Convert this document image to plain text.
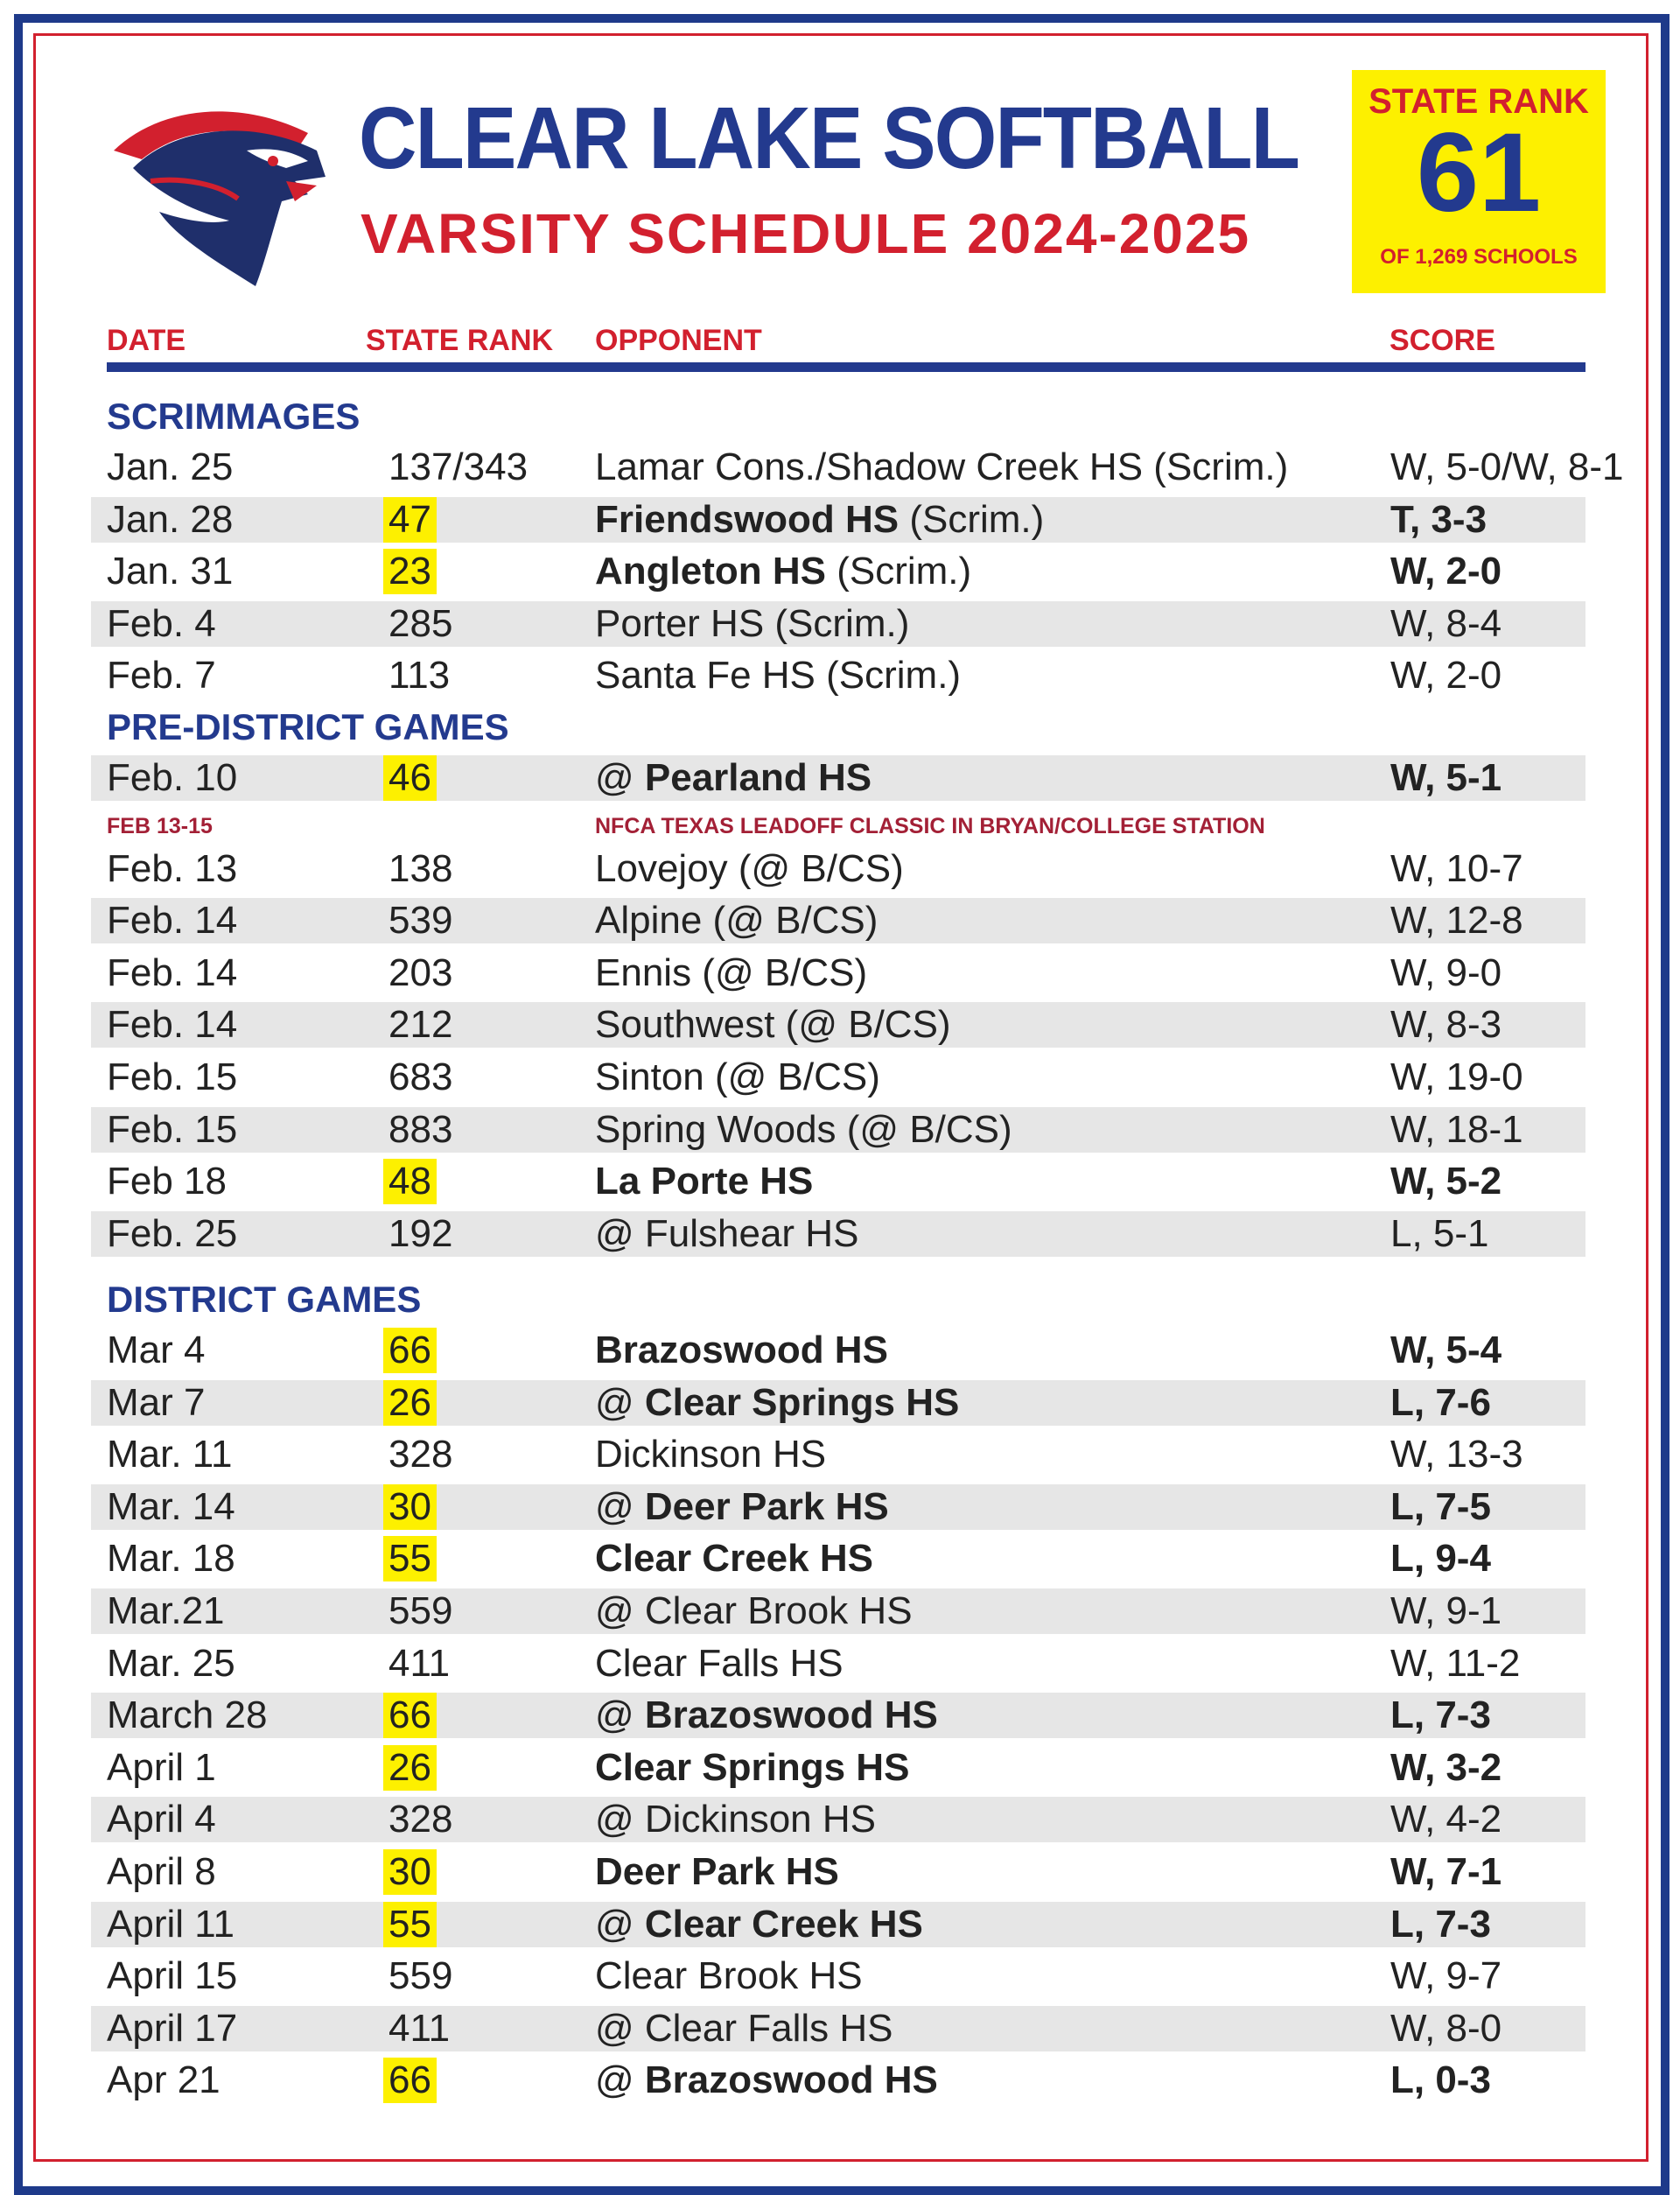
CLEAR LAKE SOFTBALL
VARSITY SCHEDULE 2024-2025
STATE RANK
61
OF 1,269 SCHOOLS
DATE	STATE RANK OPPONENT	SCORE
SCRIMMAGES
Jan. 25	137/343 Lamar Cons./Shadow Creek HS (Scrim.)	W, 5-0/W, 8-1
Jan. 28	47	Friendswood HS (Scrim.)	T, 3-3
Jan. 31	23	Angleton HS (Scrim.)	W, 2-0
Feb. 4	285	Porter HS (Scrim.)	W, 8-4
Feb. 7	113	Santa Fe HS (Scrim.)	W, 2-0
PRE-DISTRICT GAMES
Feb. 10	46	@ Pearland HS	W, 5-1
FEB 13-15	NFCA TEXAS LEADOFF CLASSIC IN BRYAN/COLLEGE STATION
Feb. 13	138	Lovejoy (@ B/CS)	W, 10-7
Feb. 14	539	Alpine (@ B/CS)	W, 12-8
Feb. 14	203	Ennis (@ B/CS)	W, 9-0
Feb. 14	212	Southwest (@ B/CS)	W, 8-3
Feb. 15	683	Sinton (@ B/CS)	W, 19-0
Feb. 15	883	Spring Woods (@ B/CS)	W, 18-1
Feb 18	48	La Porte HS	W, 5-2
Feb. 25	192	@ Fulshear HS	L, 5-1
DISTRICT GAMES
Mar 4	66	Brazoswood HS	W, 5-4
Mar 7	26	@ Clear Springs HS	L, 7-6
Mar. 11	328	Dickinson HS	W, 13-3
Mar. 14	30	@ Deer Park HS	L, 7-5
Mar. 18	55	Clear Creek HS	L, 9-4
Mar.21	559	@ Clear Brook HS	W, 9-1
Mar. 25	411	Clear Falls HS	W, 11-2
March 28	66	@ Brazoswood HS	L, 7-3
April 1	26	Clear Springs HS	W, 3-2
April 4	328	@ Dickinson HS	W, 4-2
April 8	30	Deer Park HS	W, 7-1
April 11	55	@ Clear Creek HS	L, 7-3
April 15	559	Clear Brook HS	W, 9-7
April 17	411	@ Clear Falls HS	W, 8-0
Apr 21	66	@ Brazoswood HS	L, 0-3
